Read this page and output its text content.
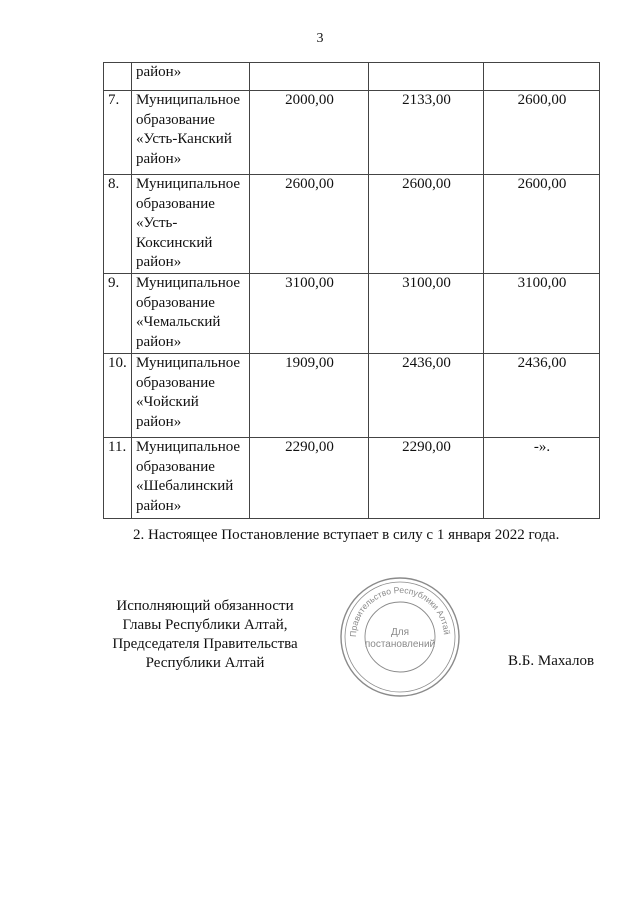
3
	район»			
7.	Муниципальное
образование
«Усть-Канский
район»	2000,00	2133,00	2600,00
8.	Муниципальное
образование
«Усть-
Коксинский
район»	2600,00	2600,00	2600,00
9.	Муниципальное
образование
«Чемальский
район»	3100,00	3100,00	3100,00
10.	Муниципальное
образование
«Чойский
район»	1909,00	2436,00	2436,00
11.	Муниципальное
образование
«Шебалинский
район»	2290,00	2290,00	-».
2. Настоящее Постановление вступает в силу с 1 января 2022 года.
Исполняющий обязанности
Главы Республики Алтай,
Председателя Правительства
Республики Алтай
Правительство Республики Алтай
Для
постановлений
В.Б. Махалов
